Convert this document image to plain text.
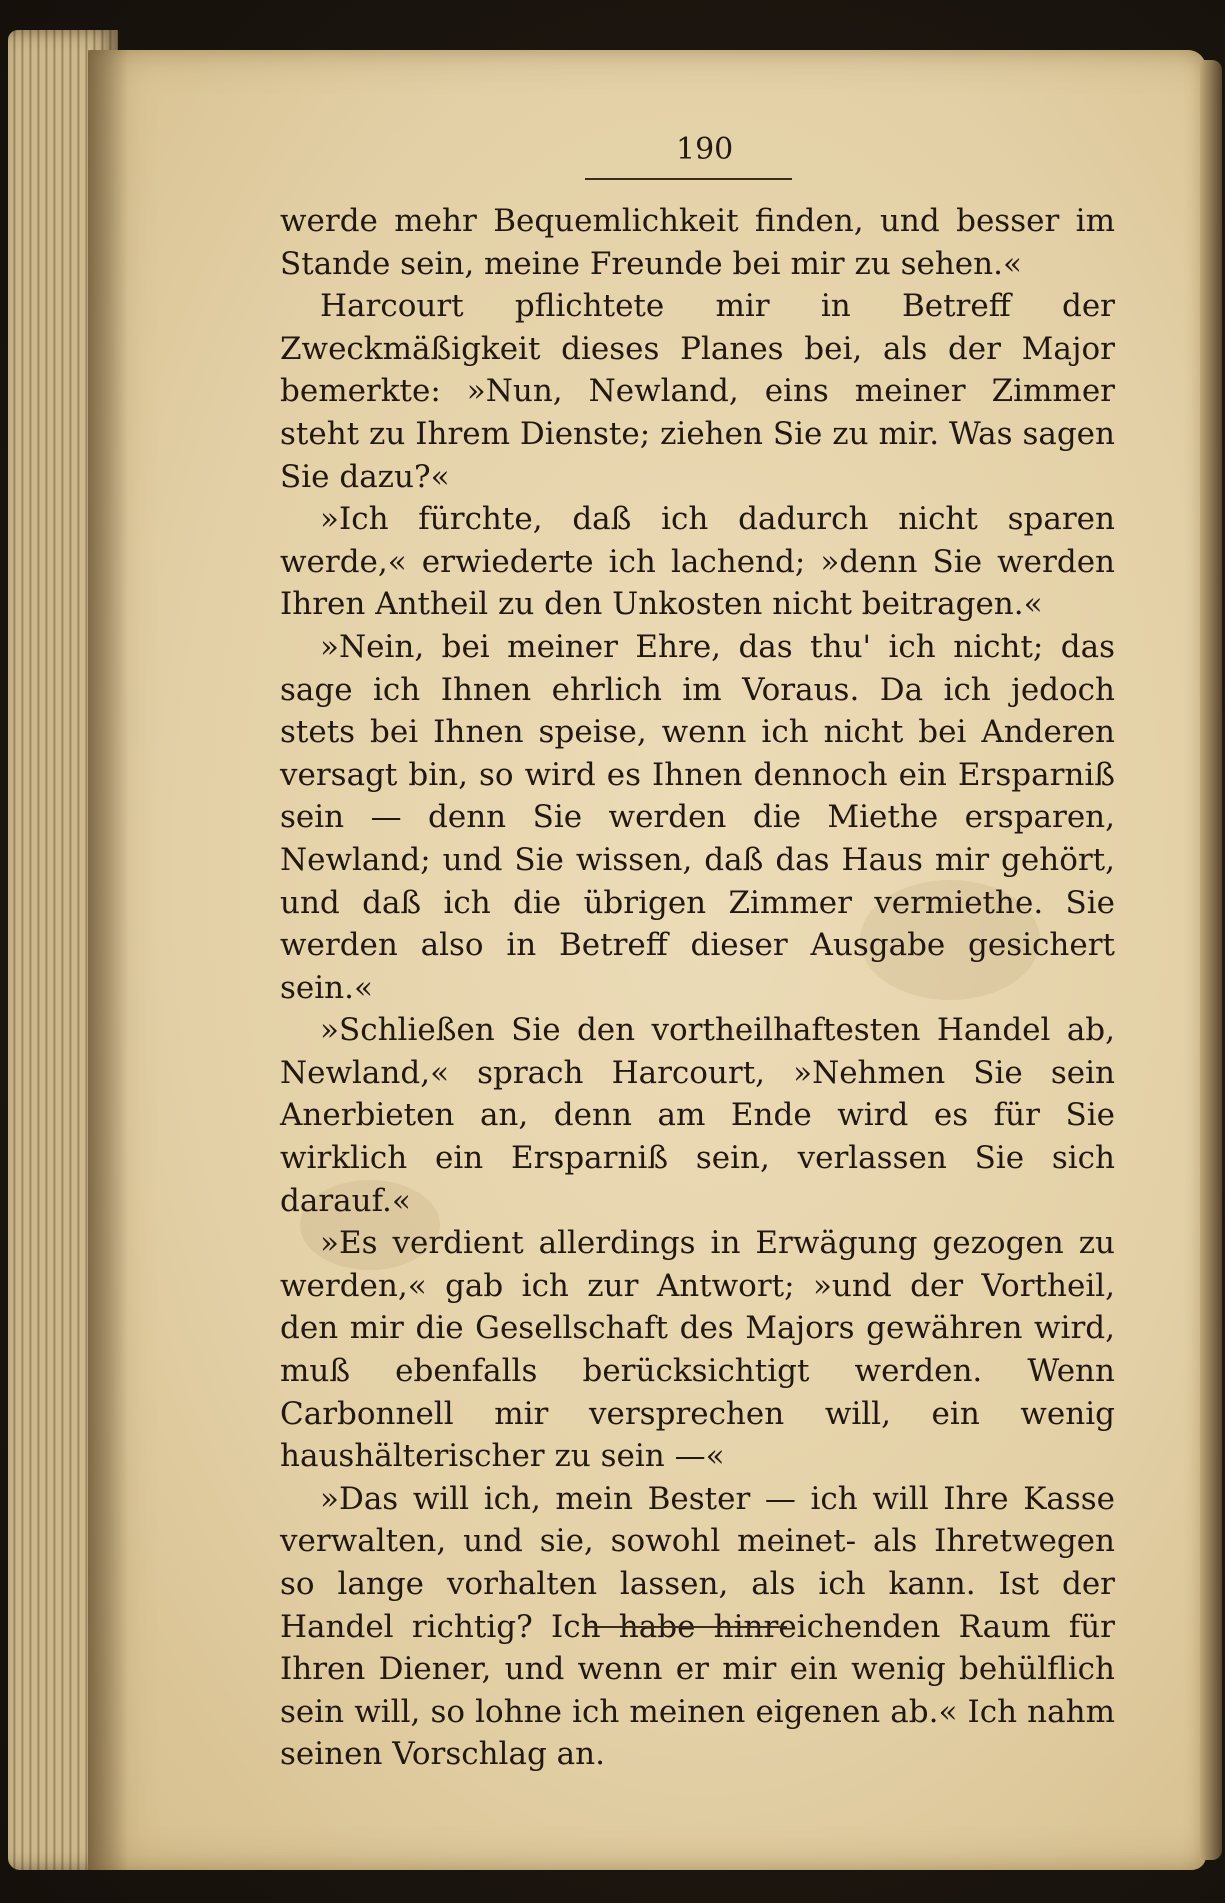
190

werde mehr Bequemlichkeit finden, und besser im Stande sein, meine Freunde bei mir zu sehen.«

Harcourt pflichtete mir in Betreff der Zweckmäßigkeit dieses Planes bei, als der Major bemerkte: »Nun, Newland, eins meiner Zimmer steht zu Ihrem Dienste; ziehen Sie zu mir. Was sagen Sie dazu?«

»Ich fürchte, daß ich dadurch nicht sparen werde,« erwiederte ich lachend; »denn Sie werden Ihren Antheil zu den Unkosten nicht beitragen.«

»Nein, bei meiner Ehre, das thu' ich nicht; das sage ich Ihnen ehrlich im Voraus. Da ich jedoch stets bei Ihnen speise, wenn ich nicht bei Anderen versagt bin, so wird es Ihnen dennoch ein Ersparniß sein — denn Sie werden die Miethe ersparen, Newland; und Sie wissen, daß das Haus mir gehört, und daß ich die übrigen Zimmer vermiethe. Sie werden also in Betreff dieser Ausgabe gesichert sein.«

»Schließen Sie den vortheilhaftesten Handel ab, Newland,« sprach Harcourt, »Nehmen Sie sein Anerbieten an, denn am Ende wird es für Sie wirklich ein Ersparniß sein, verlassen Sie sich darauf.«

»Es verdient allerdings in Erwägung gezogen zu werden,« gab ich zur Antwort; »und der Vortheil, den mir die Gesellschaft des Majors gewähren wird, muß ebenfalls berücksichtigt werden. Wenn Carbonnell mir versprechen will, ein wenig haushälterischer zu sein —«

»Das will ich, mein Bester — ich will Ihre Kasse verwalten, und sie, sowohl meinet- als Ihretwegen so lange vorhalten lassen, als ich kann. Ist der Handel richtig? Ich habe hinreichenden Raum für Ihren Diener, und wenn er mir ein wenig behülflich sein will, so lohne ich meinen eigenen ab.« Ich nahm seinen Vorschlag an.
